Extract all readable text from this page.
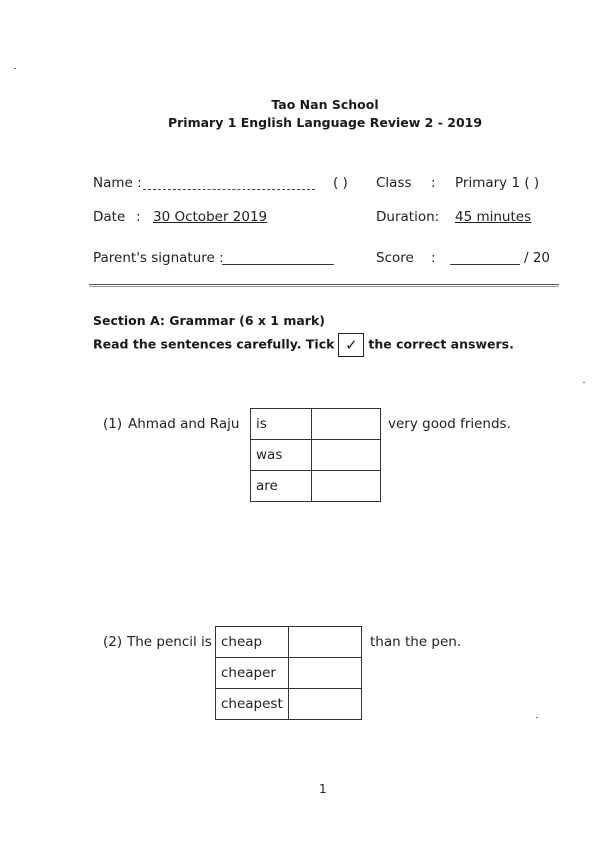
Tao Nan School
Primary 1 English Language Review 2 - 2019
Name :	( ) Class : Primary 1 ( )
Date : 30 October 2019	Duration: 45 minutes
Parent's signature :	Score :	/ 20
Section A: Grammar (6 x 1 mark)
Read the sentences carefully. Tick ✓ the correct answers.
(1) Ahmad and Raju is	
was	
are	
very good friends.
(2) The pencil is cheap	
cheaper	
cheapest	
than the pen.
1
